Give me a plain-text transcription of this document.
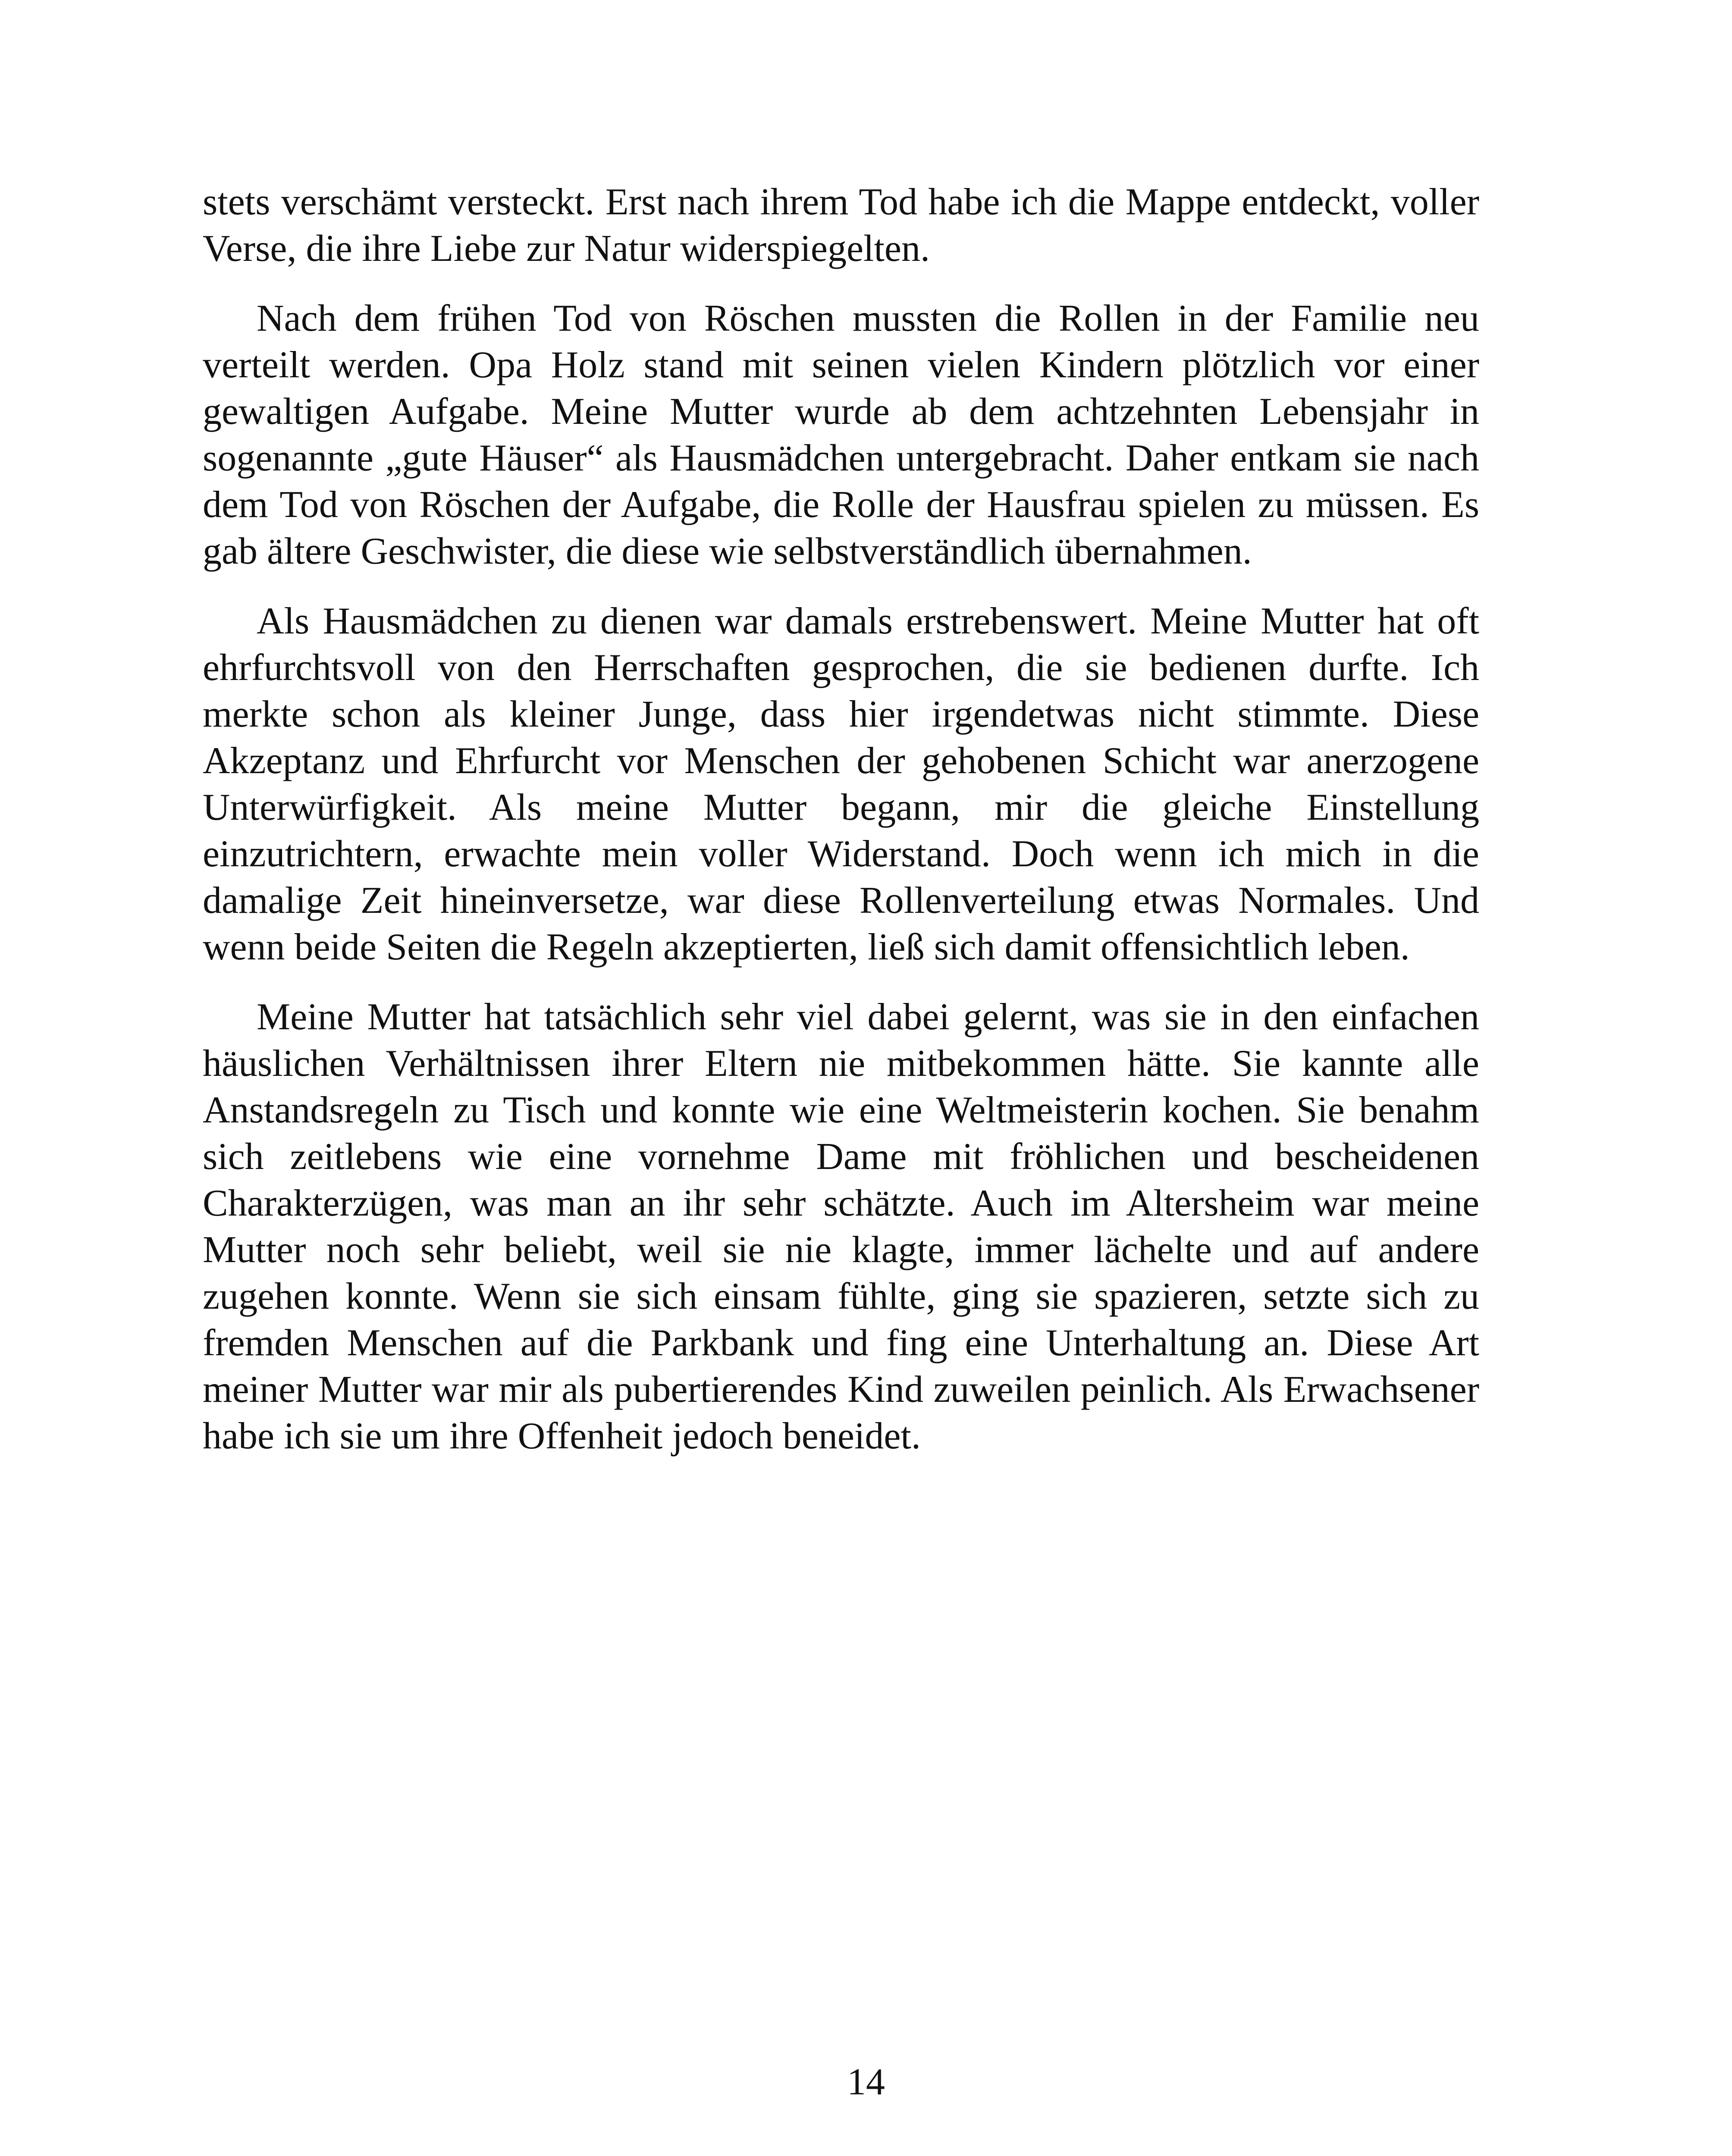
stets verschämt versteckt. Erst nach ihrem Tod habe ich die Mappe entdeckt, voller Verse, die ihre Liebe zur Natur widerspiegelten.

Nach dem frühen Tod von Röschen mussten die Rollen in der Familie neu verteilt werden. Opa Holz stand mit seinen vielen Kindern plötzlich vor einer gewaltigen Aufgabe. Meine Mutter wurde ab dem achtzehnten Lebensjahr in sogenannte „gute Häuser“ als Hausmädchen untergebracht. Daher entkam sie nach dem Tod von Röschen der Aufgabe, die Rolle der Hausfrau spielen zu müssen. Es gab ältere Geschwister, die diese wie selbstverständlich übernahmen.

Als Hausmädchen zu dienen war damals erstrebenswert. Meine Mutter hat oft ehrfurchtsvoll von den Herrschaften gesprochen, die sie bedienen durfte. Ich merkte schon als kleiner Junge, dass hier irgendetwas nicht stimmte. Diese Akzeptanz und Ehrfurcht vor Menschen der gehobenen Schicht war anerzogene Unterwürfigkeit. Als meine Mutter begann, mir die gleiche Einstellung einzutrichtern, erwachte mein voller Widerstand. Doch wenn ich mich in die damalige Zeit hineinversetze, war diese Rollenverteilung etwas Normales. Und wenn beide Seiten die Regeln akzeptierten, ließ sich damit offensichtlich leben.

Meine Mutter hat tatsächlich sehr viel dabei gelernt, was sie in den einfachen häuslichen Verhältnissen ihrer Eltern nie mitbekommen hätte. Sie kannte alle Anstandsregeln zu Tisch und konnte wie eine Weltmeisterin kochen. Sie benahm sich zeitlebens wie eine vornehme Dame mit fröhlichen und bescheidenen Charakterzügen, was man an ihr sehr schätzte. Auch im Altersheim war meine Mutter noch sehr beliebt, weil sie nie klagte, immer lächelte und auf andere zugehen konnte. Wenn sie sich einsam fühlte, ging sie spazieren, setzte sich zu fremden Menschen auf die Parkbank und fing eine Unterhaltung an. Diese Art meiner Mutter war mir als pubertierendes Kind zuweilen peinlich. Als Erwachsener habe ich sie um ihre Offenheit jedoch beneidet.

14
